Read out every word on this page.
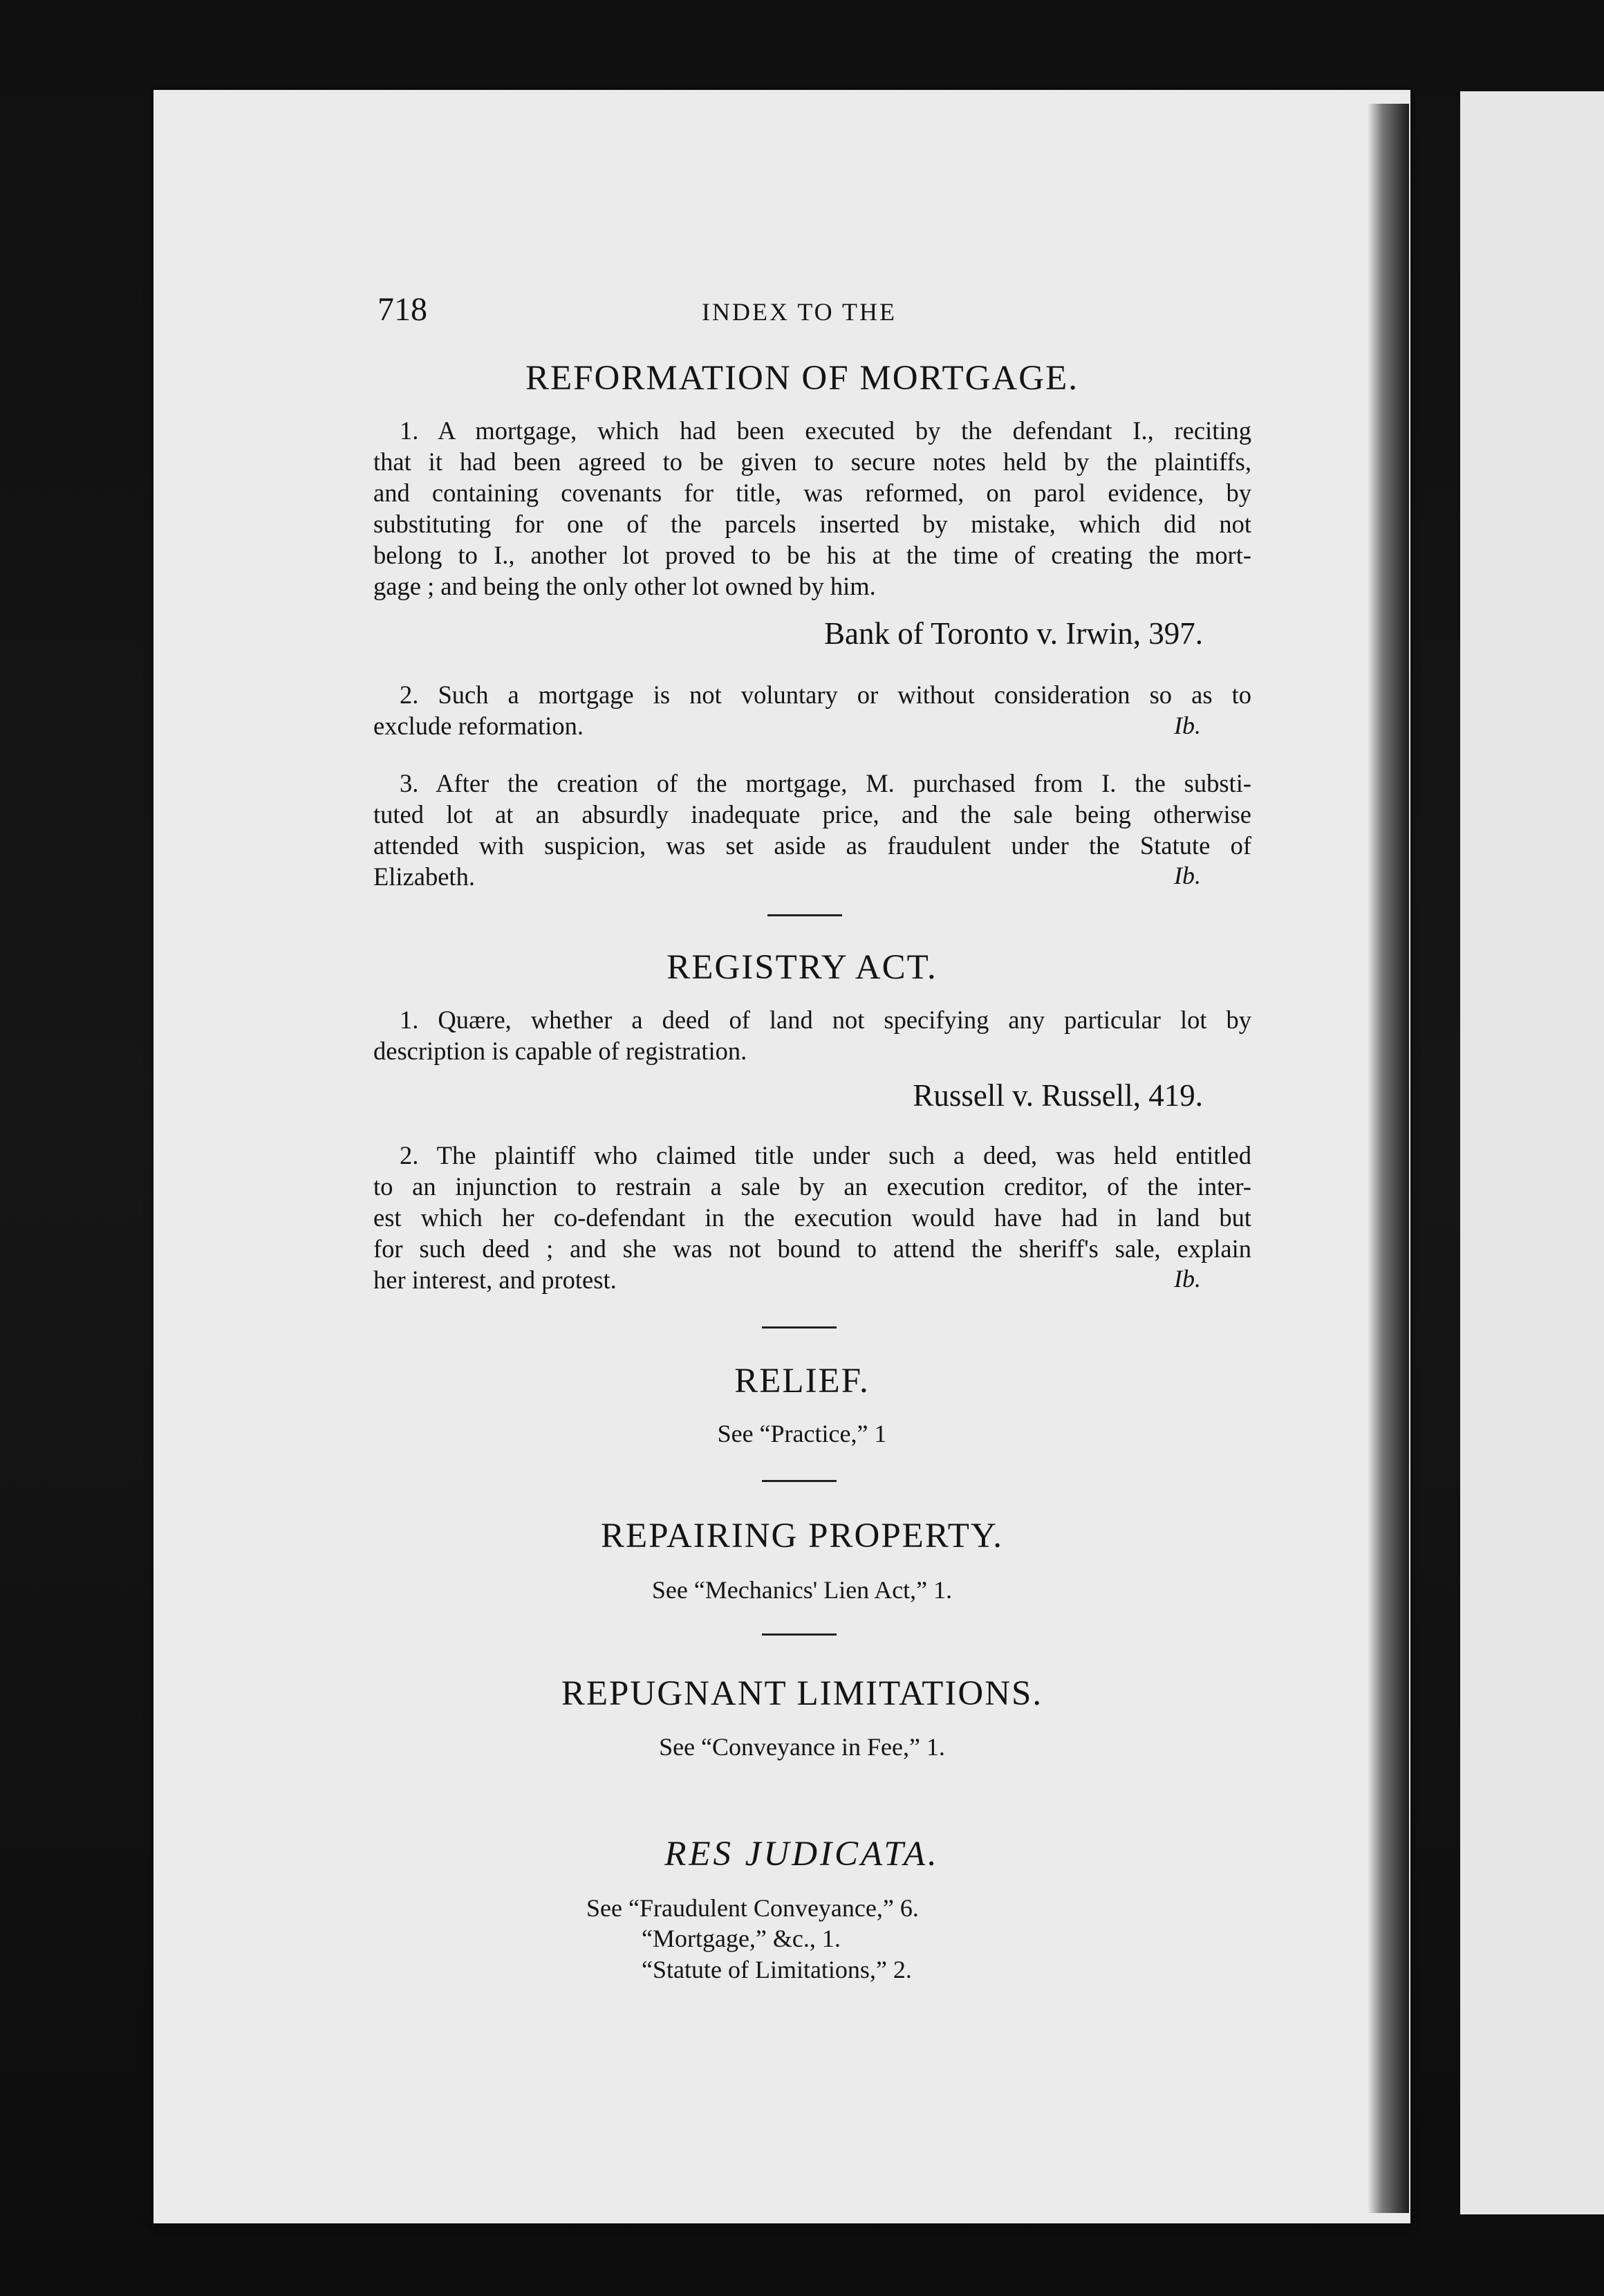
718	INDEX TO THE
REFORMATION OF MORTGAGE.
1. A mortgage, which had been executed by the defendant I., reciting
that it had been agreed to be given to secure notes held by the plaintiffs,
and containing covenants for title, was reformed, on parol evidence, by
substituting for one of the parcels inserted by mistake, which did not
belong to I., another lot proved to be his at the time of creating the mort-
gage ; and being the only other lot owned by him.
Bank of Toronto v. Irwin, 397.
2. Such a mortgage is not voluntary or without consideration so as to
exclude reformation.	Ib.
3. After the creation of the mortgage, M. purchased from I. the substi-
tuted lot at an absurdly inadequate price, and the sale being otherwise
attended with suspicion, was set aside as fraudulent under the Statute of
Elizabeth.	Ib.
REGISTRY ACT.
1. Quære, whether a deed of land not specifying any particular lot by
description is capable of registration.
Russell v. Russell, 419.
2. The plaintiff who claimed title under such a deed, was held entitled
to an injunction to restrain a sale by an execution creditor, of the inter-
est which her co-defendant in the execution would have had in land but
for such deed ; and she was not bound to attend the sheriff's sale, explain
her interest, and protest.	Ib.
RELIEF.
See “Practice,” 1
REPAIRING PROPERTY.
See “Mechanics' Lien Act,” 1.
REPUGNANT LIMITATIONS.
See “Conveyance in Fee,” 1.
RES JUDICATA.
See “Fraudulent Conveyance,” 6.
“Mortgage,” &c., 1.
“Statute of Limitations,” 2.
